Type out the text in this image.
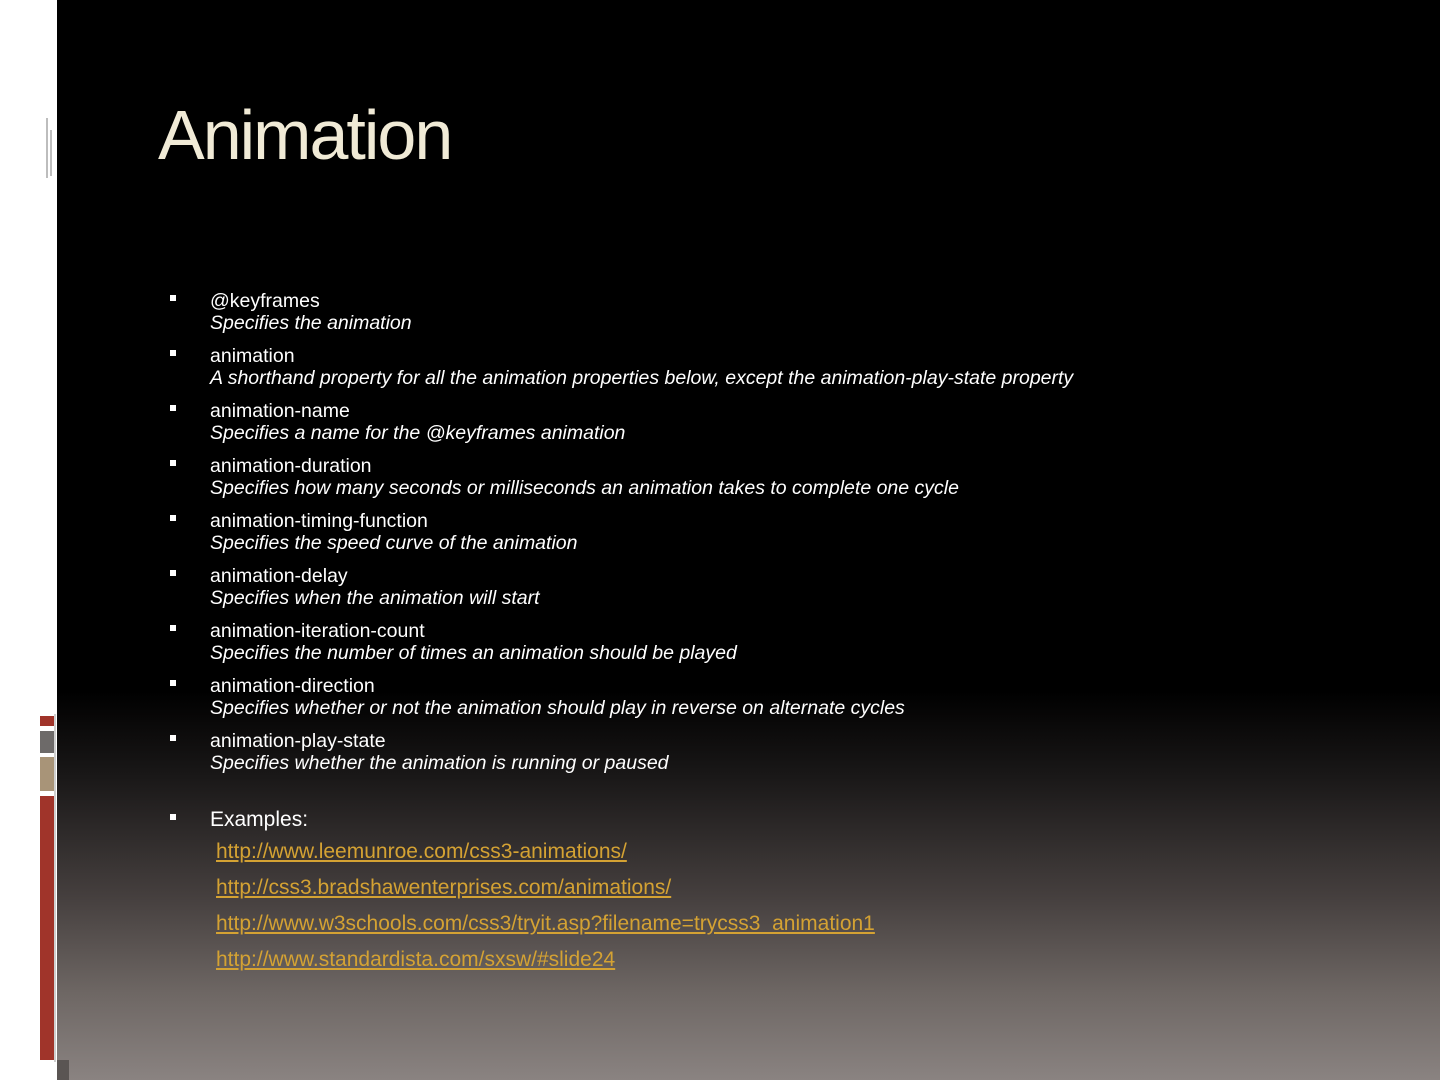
Animation
@keyframes
Specifies the animation
animation
A shorthand property for all the animation properties below, except the animation-play-state property
animation-name
Specifies a name for the @keyframes animation
animation-duration
Specifies how many seconds or milliseconds an animation takes to complete one cycle
animation-timing-function
Specifies the speed curve of the animation
animation-delay
Specifies when the animation will start
animation-iteration-count
Specifies the number of times an animation should be played
animation-direction
Specifies whether or not the animation should play in reverse on alternate cycles
animation-play-state
Specifies whether the animation is running or paused
Examples:
http://www.leemunroe.com/css3-animations/
http://css3.bradshawenterprises.com/animations/
http://www.w3schools.com/css3/tryit.asp?filename=trycss3_animation1
http://www.standardista.com/sxsw/#slide24
